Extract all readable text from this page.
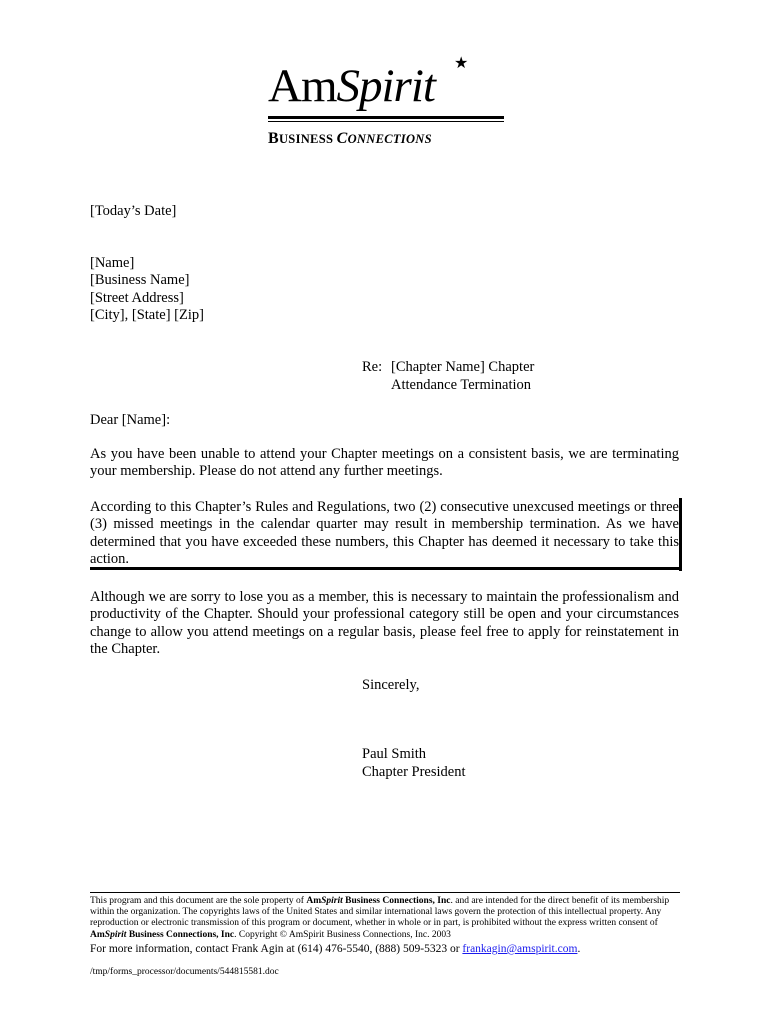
AmSpirit ★
BUSINESS CONNECTIONS
[Today’s Date]
[Name]
[Business Name]
[Street Address]
[City], [State] [Zip]
Re: [Chapter Name] Chapter
Attendance Termination
Dear [Name]:
As you have been unable to attend your Chapter meetings on a consistent basis, we are terminating your membership. Please do not attend any further meetings.
According to this Chapter’s Rules and Regulations, two (2) consecutive unexcused meetings or three (3) missed meetings in the calendar quarter may result in membership termination. As we have determined that you have exceeded these numbers, this Chapter has deemed it necessary to take this action.
Although we are sorry to lose you as a member, this is necessary to maintain the professionalism and productivity of the Chapter. Should your professional category still be open and your circumstances change to allow you attend meetings on a regular basis, please feel free to apply for reinstatement in the Chapter.
Sincerely,
Paul Smith
Chapter President
This program and this document are the sole property of AmSpirit Business Connections, Inc. and are intended for the direct benefit of its membership within the organization. The copyrights laws of the United States and similar international laws govern the protection of this intellectual property. Any reproduction or electronic transmission of this program or document, whether in whole or in part, is prohibited without the express written consent of AmSpirit Business Connections, Inc. Copyright © AmSpirit Business Connections, Inc. 2003
For more information, contact Frank Agin at (614) 476-5540, (888) 509-5323 or frankagin@amspirit.com.
/tmp/forms_processor/documents/544815581.doc
